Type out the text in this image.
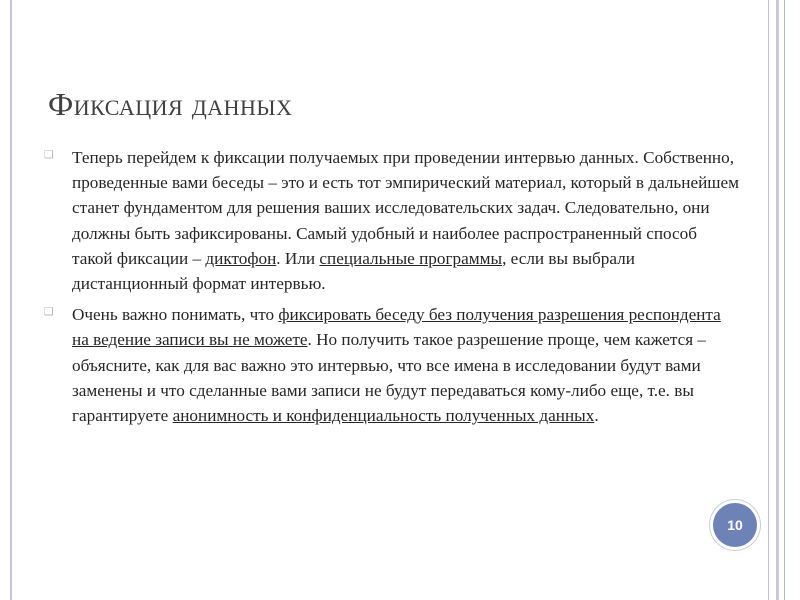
Фиксация данных

❑ Теперь перейдем к фиксации получаемых при проведении интервью данных. Собственно, проведенные вами беседы – это и есть тот эмпирический материал, который в дальнейшем станет фундаментом для решения ваших исследовательских задач. Следовательно, они должны быть зафиксированы. Самый удобный и наиболее распространенный способ такой фиксации – диктофон. Или специальные программы, если вы выбрали дистанционный формат интервью.

❑ Очень важно понимать, что фиксировать беседу без получения разрешения респондента на ведение записи вы не можете. Но получить такое разрешение проще, чем кажется – объясните, как для вас важно это интервью, что все имена в исследовании будут вами заменены и что сделанные вами записи не будут передаваться кому-либо еще, т.е. вы гарантируете анонимность и конфиденциальность полученных данных.

10
